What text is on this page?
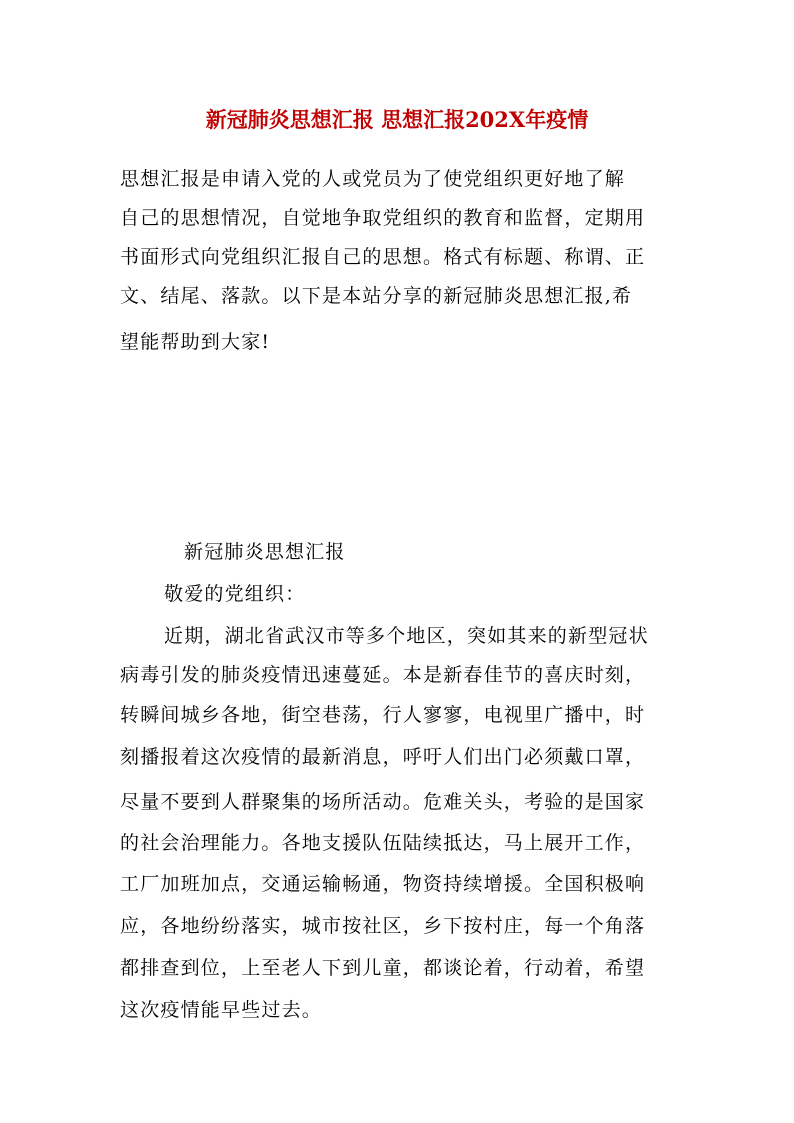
新冠肺炎思想汇报 思想汇报202X年疫情
思想汇报是申请入党的人或党员为了使党组织更好地了解
自己的思想情况，自觉地争取党组织的教育和监督，定期用
书面形式向党组织汇报自己的思想。格式有标题、称谓、正
文、结尾、落款。以下是本站分享的新冠肺炎思想汇报,希
望能帮助到大家!
新冠肺炎思想汇报
敬爱的党组织：
近期，湖北省武汉市等多个地区，突如其来的新型冠状
病毒引发的肺炎疫情迅速蔓延。本是新春佳节的喜庆时刻，
转瞬间城乡各地，街空巷荡，行人寥寥，电视里广播中，时
刻播报着这次疫情的最新消息，呼吁人们出门必须戴口罩，
尽量不要到人群聚集的场所活动。危难关头，考验的是国家
的社会治理能力。各地支援队伍陆续抵达，马上展开工作，
工厂加班加点，交通运输畅通，物资持续增援。全国积极响
应，各地纷纷落实，城市按社区，乡下按村庄，每一个角落
都排查到位，上至老人下到儿童，都谈论着，行动着，希望
这次疫情能早些过去。
